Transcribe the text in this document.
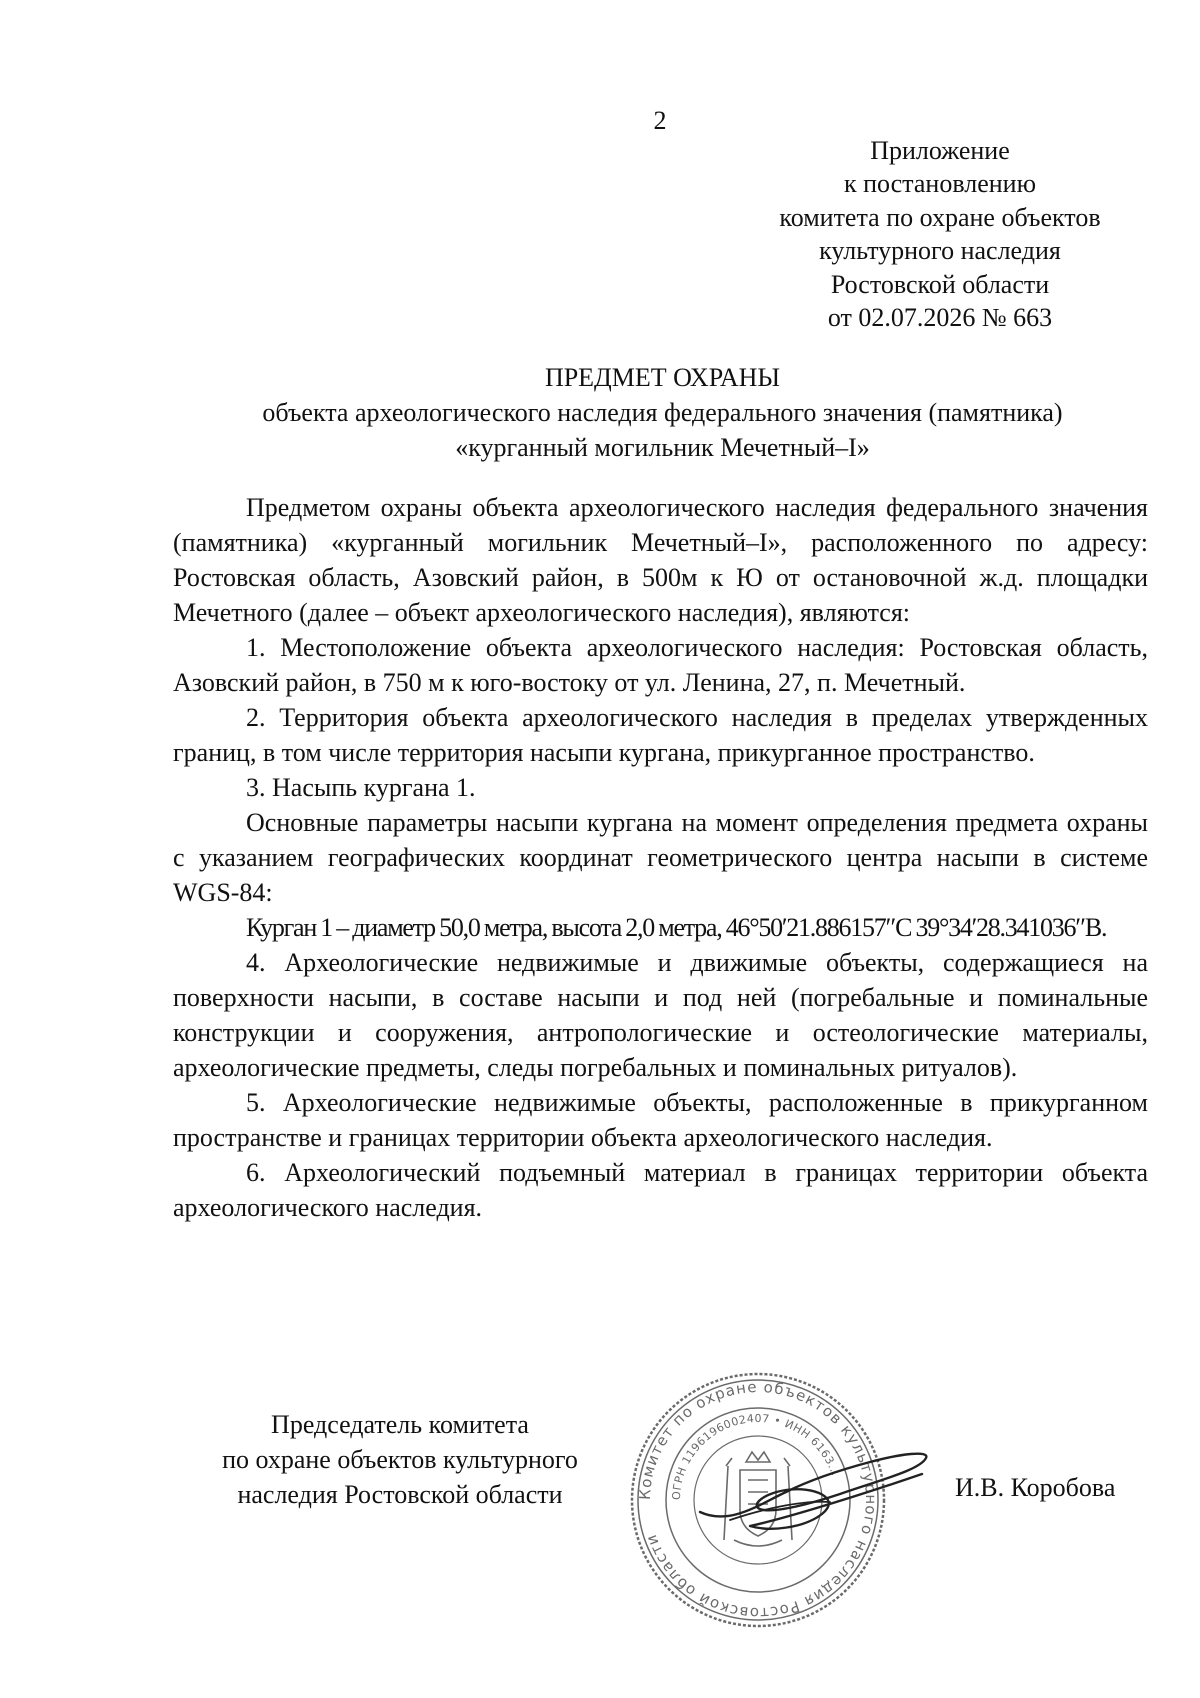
2
Приложение
к постановлению
комитета по охране объектов
культурного наследия
Ростовской области
от 02.07.2026 № 663
ПРЕДМЕТ ОХРАНЫ
объекта археологического наследия федерального значения (памятника)
«курганный могильник Мечетный–I»

Предметом охраны объекта археологического наследия федерального значения (памятника) «курганный могильник Мечетный–I», расположенного по адресу: Ростовская область, Азовский район, в 500м к Ю от остановочной ж.д. площадки Мечетного (далее – объект археологического наследия), являются:

1. Местоположение объекта археологического наследия: Ростовская область, Азовский район, в 750 м к юго-востоку от ул. Ленина, 27, п. Мечетный.

2. Территория объекта археологического наследия в пределах утвержденных границ, в том числе территория насыпи кургана, прикурганное пространство.

3. Насыпь кургана 1.

Основные параметры насыпи кургана на момент определения предмета охраны с указанием географических координат геометрического центра насыпи в системе WGS-84:

Курган 1 – диаметр 50,0 метра, высота 2,0 метра, 46°50′21.886157″С 39°34′28.341036″В.

4. Археологические недвижимые и движимые объекты, содержащиеся на поверхности насыпи, в составе насыпи и под ней (погребальные и поминальные конструкции и сооружения, антропологические и остеологические материалы, археологические предметы, следы погребальных и поминальных ритуалов).

5. Археологические недвижимые объекты, расположенные в прикурганном пространстве и границах территории объекта археологического наследия.

6. Археологический подъемный материал в границах территории объекта археологического наследия.

Председатель комитета
по охране объектов культурного
наследия Ростовской области	Комитет по охране объектов культурного наследия Ростовской области
ОГРН 1196196002407 • ИНН 6163...	И.В. Коробова
